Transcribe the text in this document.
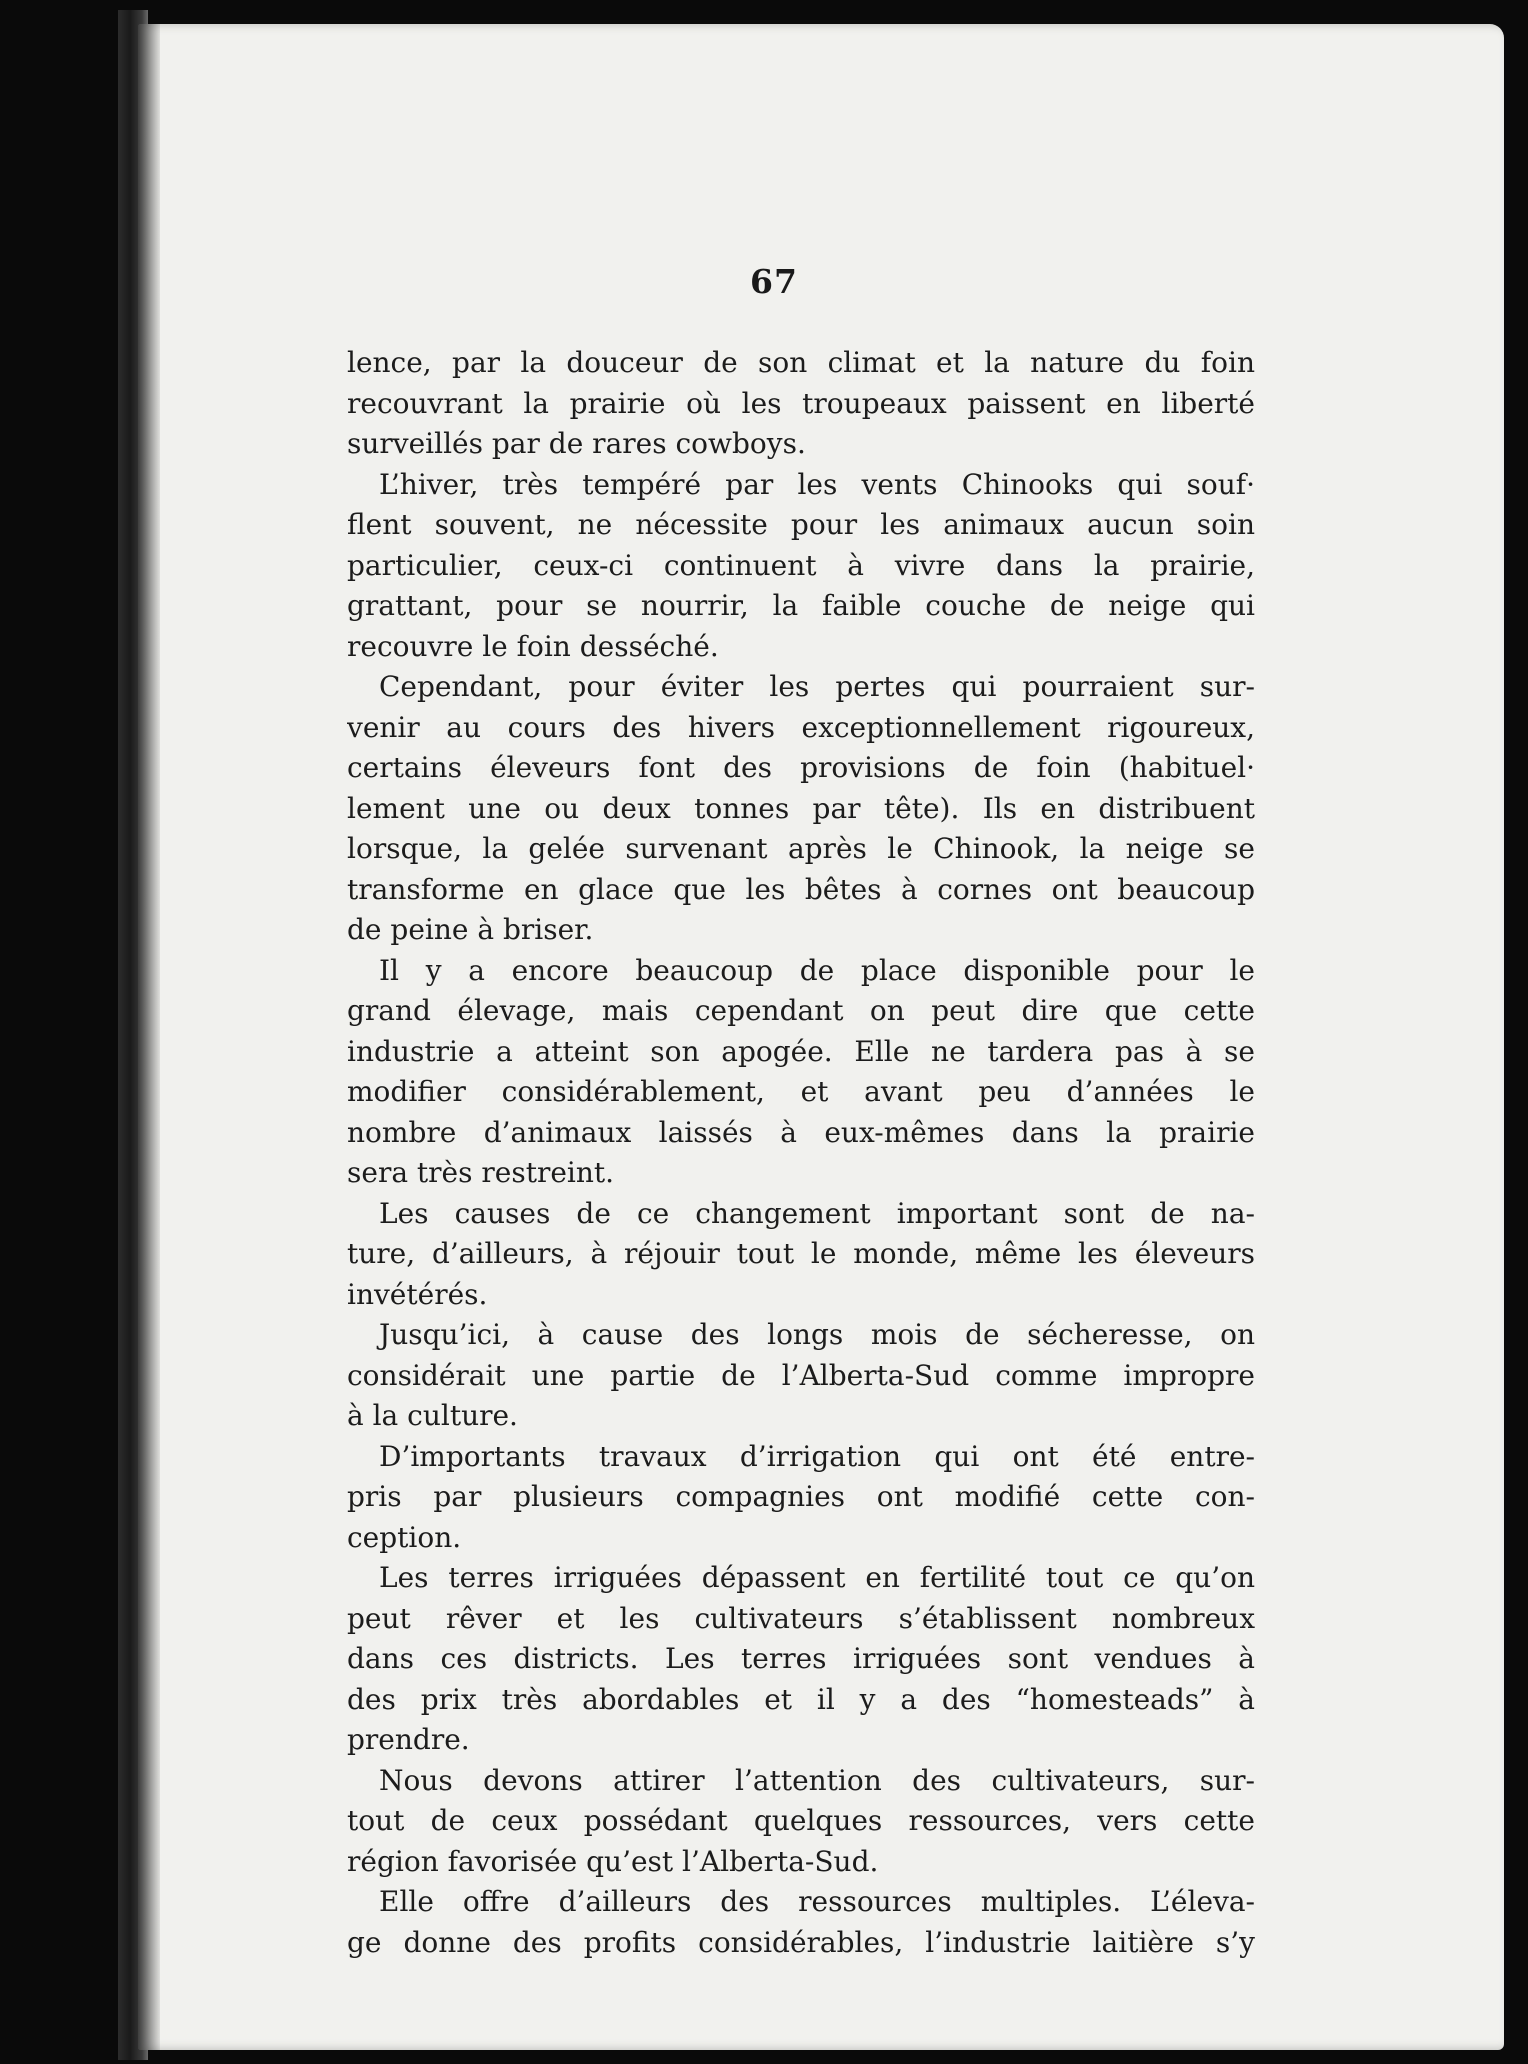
67
lence, par la douceur de son climat et la nature du foin
recouvrant la prairie où les troupeaux paissent en liberté
surveillés par de rares cowboys.
L’hiver, très tempéré par les vents Chinooks qui souf·
flent souvent, ne nécessite pour les animaux aucun soin
particulier, ceux-ci continuent à vivre dans la prairie,
grattant, pour se nourrir, la faible couche de neige qui
recouvre le foin desséché.
Cependant, pour éviter les pertes qui pourraient sur-
venir au cours des hivers exceptionnellement rigoureux,
certains éleveurs font des provisions de foin (habituel·
lement une ou deux tonnes par tête). Ils en distribuent
lorsque, la gelée survenant après le Chinook, la neige se
transforme en glace que les bêtes à cornes ont beaucoup
de peine à briser.
Il y a encore beaucoup de place disponible pour le
grand élevage, mais cependant on peut dire que cette
industrie a atteint son apogée. Elle ne tardera pas à se
modifier considérablement, et avant peu d’années le
nombre d’animaux laissés à eux-mêmes dans la prairie
sera très restreint.
Les causes de ce changement important sont de na-
ture, d’ailleurs, à réjouir tout le monde, même les éleveurs
invétérés.
Jusqu’ici, à cause des longs mois de sécheresse, on
considérait une partie de l’Alberta-Sud comme impropre
à la culture.
D’importants travaux d’irrigation qui ont été entre-
pris par plusieurs compagnies ont modifié cette con-
ception.
Les terres irriguées dépassent en fertilité tout ce qu’on
peut rêver et les cultivateurs s’établissent nombreux
dans ces districts. Les terres irriguées sont vendues à
des prix très abordables et il y a des “homesteads” à
prendre.
Nous devons attirer l’attention des cultivateurs, sur-
tout de ceux possédant quelques ressources, vers cette
région favorisée qu’est l’Alberta-Sud.
Elle offre d’ailleurs des ressources multiples. L’éleva-
ge donne des profits considérables, l’industrie laitière s’y
